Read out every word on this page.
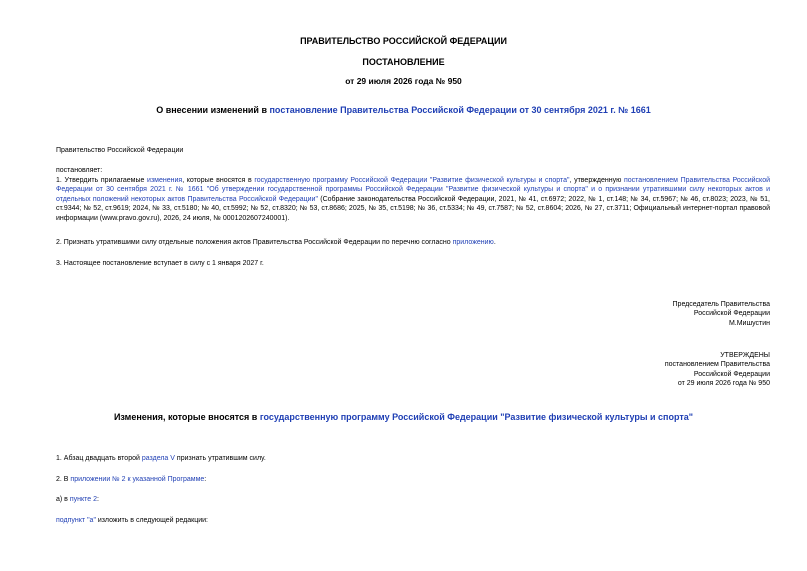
ПРАВИТЕЛЬСТВО РОССИЙСКОЙ ФЕДЕРАЦИИ
ПОСТАНОВЛЕНИЕ
от 29 июля 2026 года № 950
О внесении изменений в постановление Правительства Российской Федерации от 30 сентября 2021 г. № 1661
Правительство Российской Федерации
постановляет:
1. Утвердить прилагаемые изменения, которые вносятся в государственную программу Российской Федерации "Развитие физической культуры и спорта", утвержденную постановлением Правительства Российской Федерации от 30 сентября 2021 г. № 1661 "Об утверждении государственной программы Российской Федерации "Развитие физической культуры и спорта" и о признании утратившими силу некоторых актов и отдельных положений некоторых актов Правительства Российской Федерации" (Собрание законодательства Российской Федерации, 2021, № 41, ст.6972; 2022, № 1, ст.148; № 34, ст.5967; № 46, ст.8023; 2023, № 51, ст.9344; № 52, ст.9619; 2024, № 33, ст.5180; № 40, ст.5992; № 52, ст.8320; № 53, ст.8686; 2025, № 35, ст.5198; № 36, ст.5334; № 49, ст.7587; № 52, ст.8604; 2026, № 27, ст.3711; Официальный интернет-портал правовой информации (www.pravo.gov.ru), 2026, 24 июля, № 0001202607240001).
2. Признать утратившими силу отдельные положения актов Правительства Российской Федерации по перечню согласно приложению.
3. Настоящее постановление вступает в силу с 1 января 2027 г.
Председатель Правительства
Российской Федерации
М.Мишустин
УТВЕРЖДЕНЫ
постановлением Правительства
Российской Федерации
от 29 июля 2026 года № 950
Изменения, которые вносятся в государственную программу Российской Федерации "Развитие физической культуры и спорта"
1. Абзац двадцать второй раздела V признать утратившим силу.
2. В приложении № 2 к указанной Программе:
а) в пункте 2:
подпункт "а" изложить в следующей редакции:
